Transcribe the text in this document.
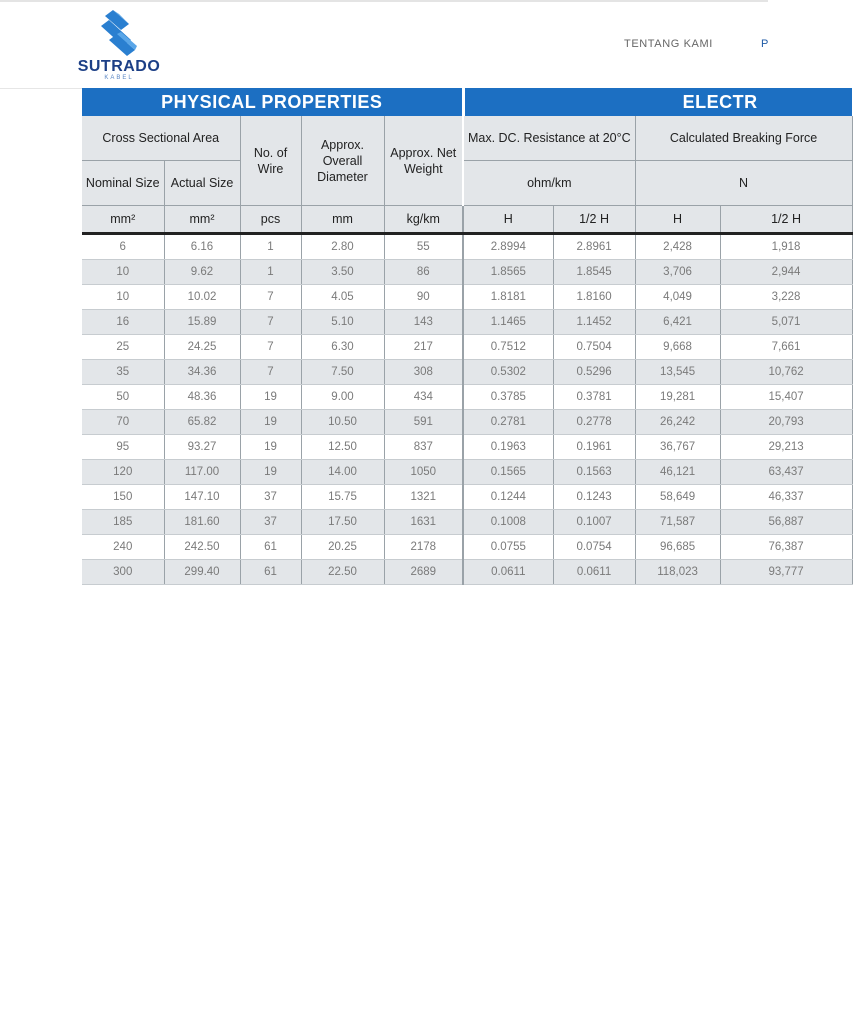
SUTRADO
KABEL
TENTANG KAMI	P
PHYSICAL PROPERTIES					ELECTR			
Cross Sectional Area		No. of Wire	Approx. Overall Diameter	Approx. Net Weight	Max. DC. Resistance at 20°C		Calculated Breaking Force	
Nominal Size	Actual Size				ohm/km		N	
mm²	mm²	pcs	mm	kg/km	H	1/2 H	H	1/2 H
6	6.16	1	2.80	55	2.8994	2.8961	2,428	1,918
10	9.62	1	3.50	86	1.8565	1.8545	3,706	2,944
10	10.02	7	4.05	90	1.8181	1.8160	4,049	3,228
16	15.89	7	5.10	143	1.1465	1.1452	6,421	5,071
25	24.25	7	6.30	217	0.7512	0.7504	9,668	7,661
35	34.36	7	7.50	308	0.5302	0.5296	13,545	10,762
50	48.36	19	9.00	434	0.3785	0.3781	19,281	15,407
70	65.82	19	10.50	591	0.2781	0.2778	26,242	20,793
95	93.27	19	12.50	837	0.1963	0.1961	36,767	29,213
120	117.00	19	14.00	1050	0.1565	0.1563	46,121	63,437
150	147.10	37	15.75	1321	0.1244	0.1243	58,649	46,337
185	181.60	37	17.50	1631	0.1008	0.1007	71,587	56,887
240	242.50	61	20.25	2178	0.0755	0.0754	96,685	76,387
300	299.40	61	22.50	2689	0.0611	0.0611	118,023	93,777
